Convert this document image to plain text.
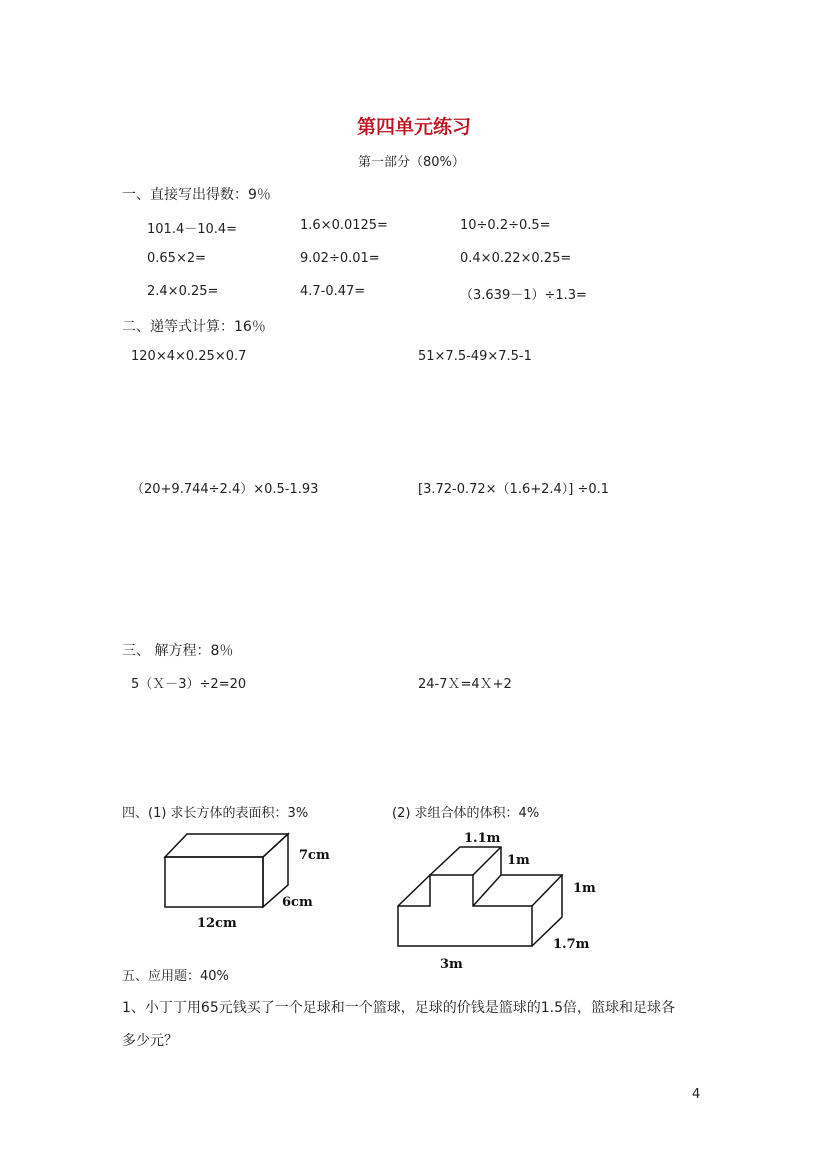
第四单元练习
第一部分（80%）
一、直接写出得数：9％
101.4－10.4=	1.6×0.0125=	10÷0.2÷0.5=
0.65×2=	9.02÷0.01=	0.4×0.22×0.25=
2.4×0.25=	4.7-0.47=	（3.639－1）÷1.3=
二、递等式计算：16％
120×4×0.25×0.7	51×7.5-49×7.5-1
（20+9.744÷2.4）×0.5-1.93	[3.72-0.72×（1.6+2.4）] ÷0.1
三、 解方程：8％
5（Ｘ－3）÷2=20	24-7Ｘ=4Ｘ+2
四、(1) 求长方体的表面积：3%	(2) 求组合体的体积：4%
7cm
6cm
12cm
1.1m
1m
1m
1.7m
3m
五、应用题：40%
1、小丁丁用65元钱买了一个足球和一个篮球，足球的价钱是篮球的1.5倍，篮球和足球各
多少元？
4
